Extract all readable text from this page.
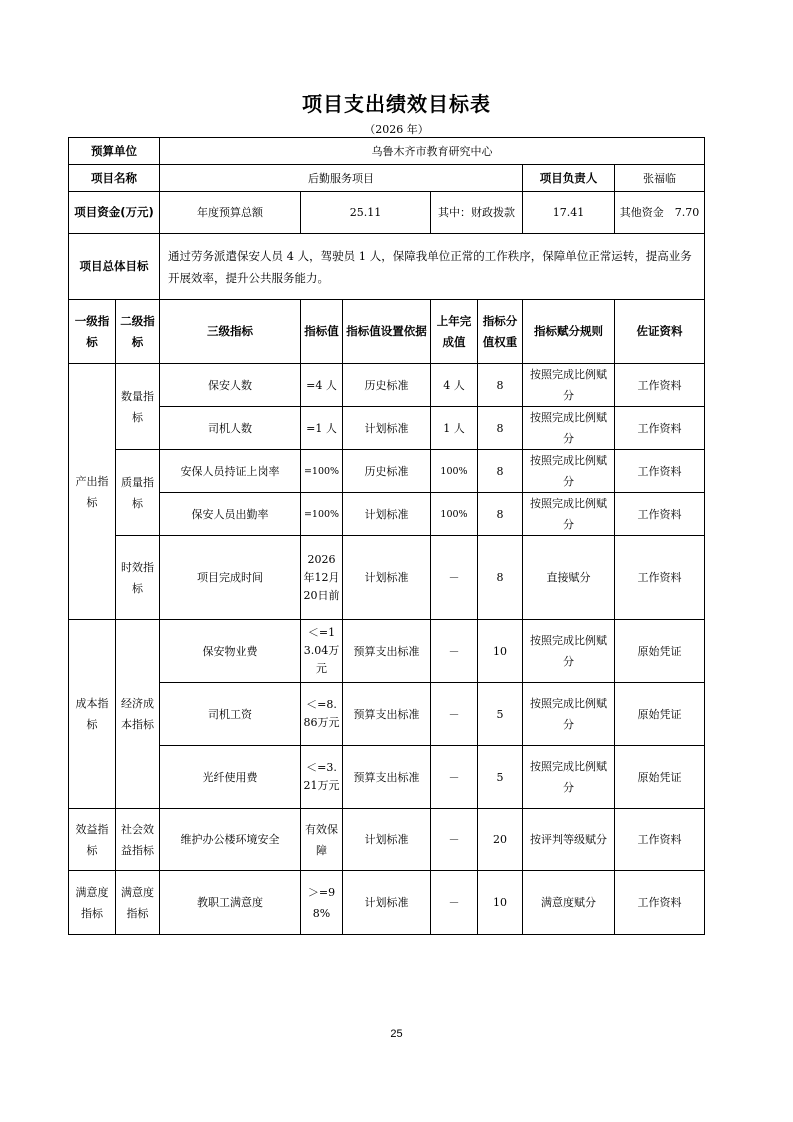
项目支出绩效目标表
（2026 年）
预算单位		乌鲁木齐市教育研究中心						
项目名称		后勤服务项目					项目负责人	张福临
项目资金(万元)		年度预算总额	25.11		其中：财政拨款		17.41	其他资金　 7.70
项目总体目标		通过劳务派遣保安人员 4 人，驾驶员 1 人，保障我单位正常的工作秩序，保障单位正常运转，提高业务开展效率，提升公共服务能力。						
一级指标	二级指标	三级指标	指标值	指标值设置依据	上年完成值	指标分值权重	指标赋分规则	佐证资料
产出指标	数量指标	保安人数	=4 人	历史标准	4 人	8	按照完成比例赋分	工作资料
		司机人数	=1 人	计划标准	1 人	8	按照完成比例赋分	工作资料
	质量指标	安保人员持证上岗率	=100%	历史标准	100%	8	按照完成比例赋分	工作资料
		保安人员出勤率	=100%	计划标准	100%	8	按照完成比例赋分	工作资料
	时效指标	项目完成时间	2026年12月20日前	计划标准	－	8	直接赋分	工作资料
成本指标	经济成本指标	保安物业费	＜=13.04万元	预算支出标准	－	10	按照完成比例赋分	原始凭证
		司机工资	＜=8.86万元	预算支出标准	－	5	按照完成比例赋分	原始凭证
		光纤使用费	＜=3.21万元	预算支出标准	－	5	按照完成比例赋分	原始凭证
效益指标	社会效益指标	维护办公楼环境安全	有效保障	计划标准	－	20	按评判等级赋分	工作资料
满意度指标	满意度指标	教职工满意度	＞=98%	计划标准	－	10	满意度赋分	工作资料
25
